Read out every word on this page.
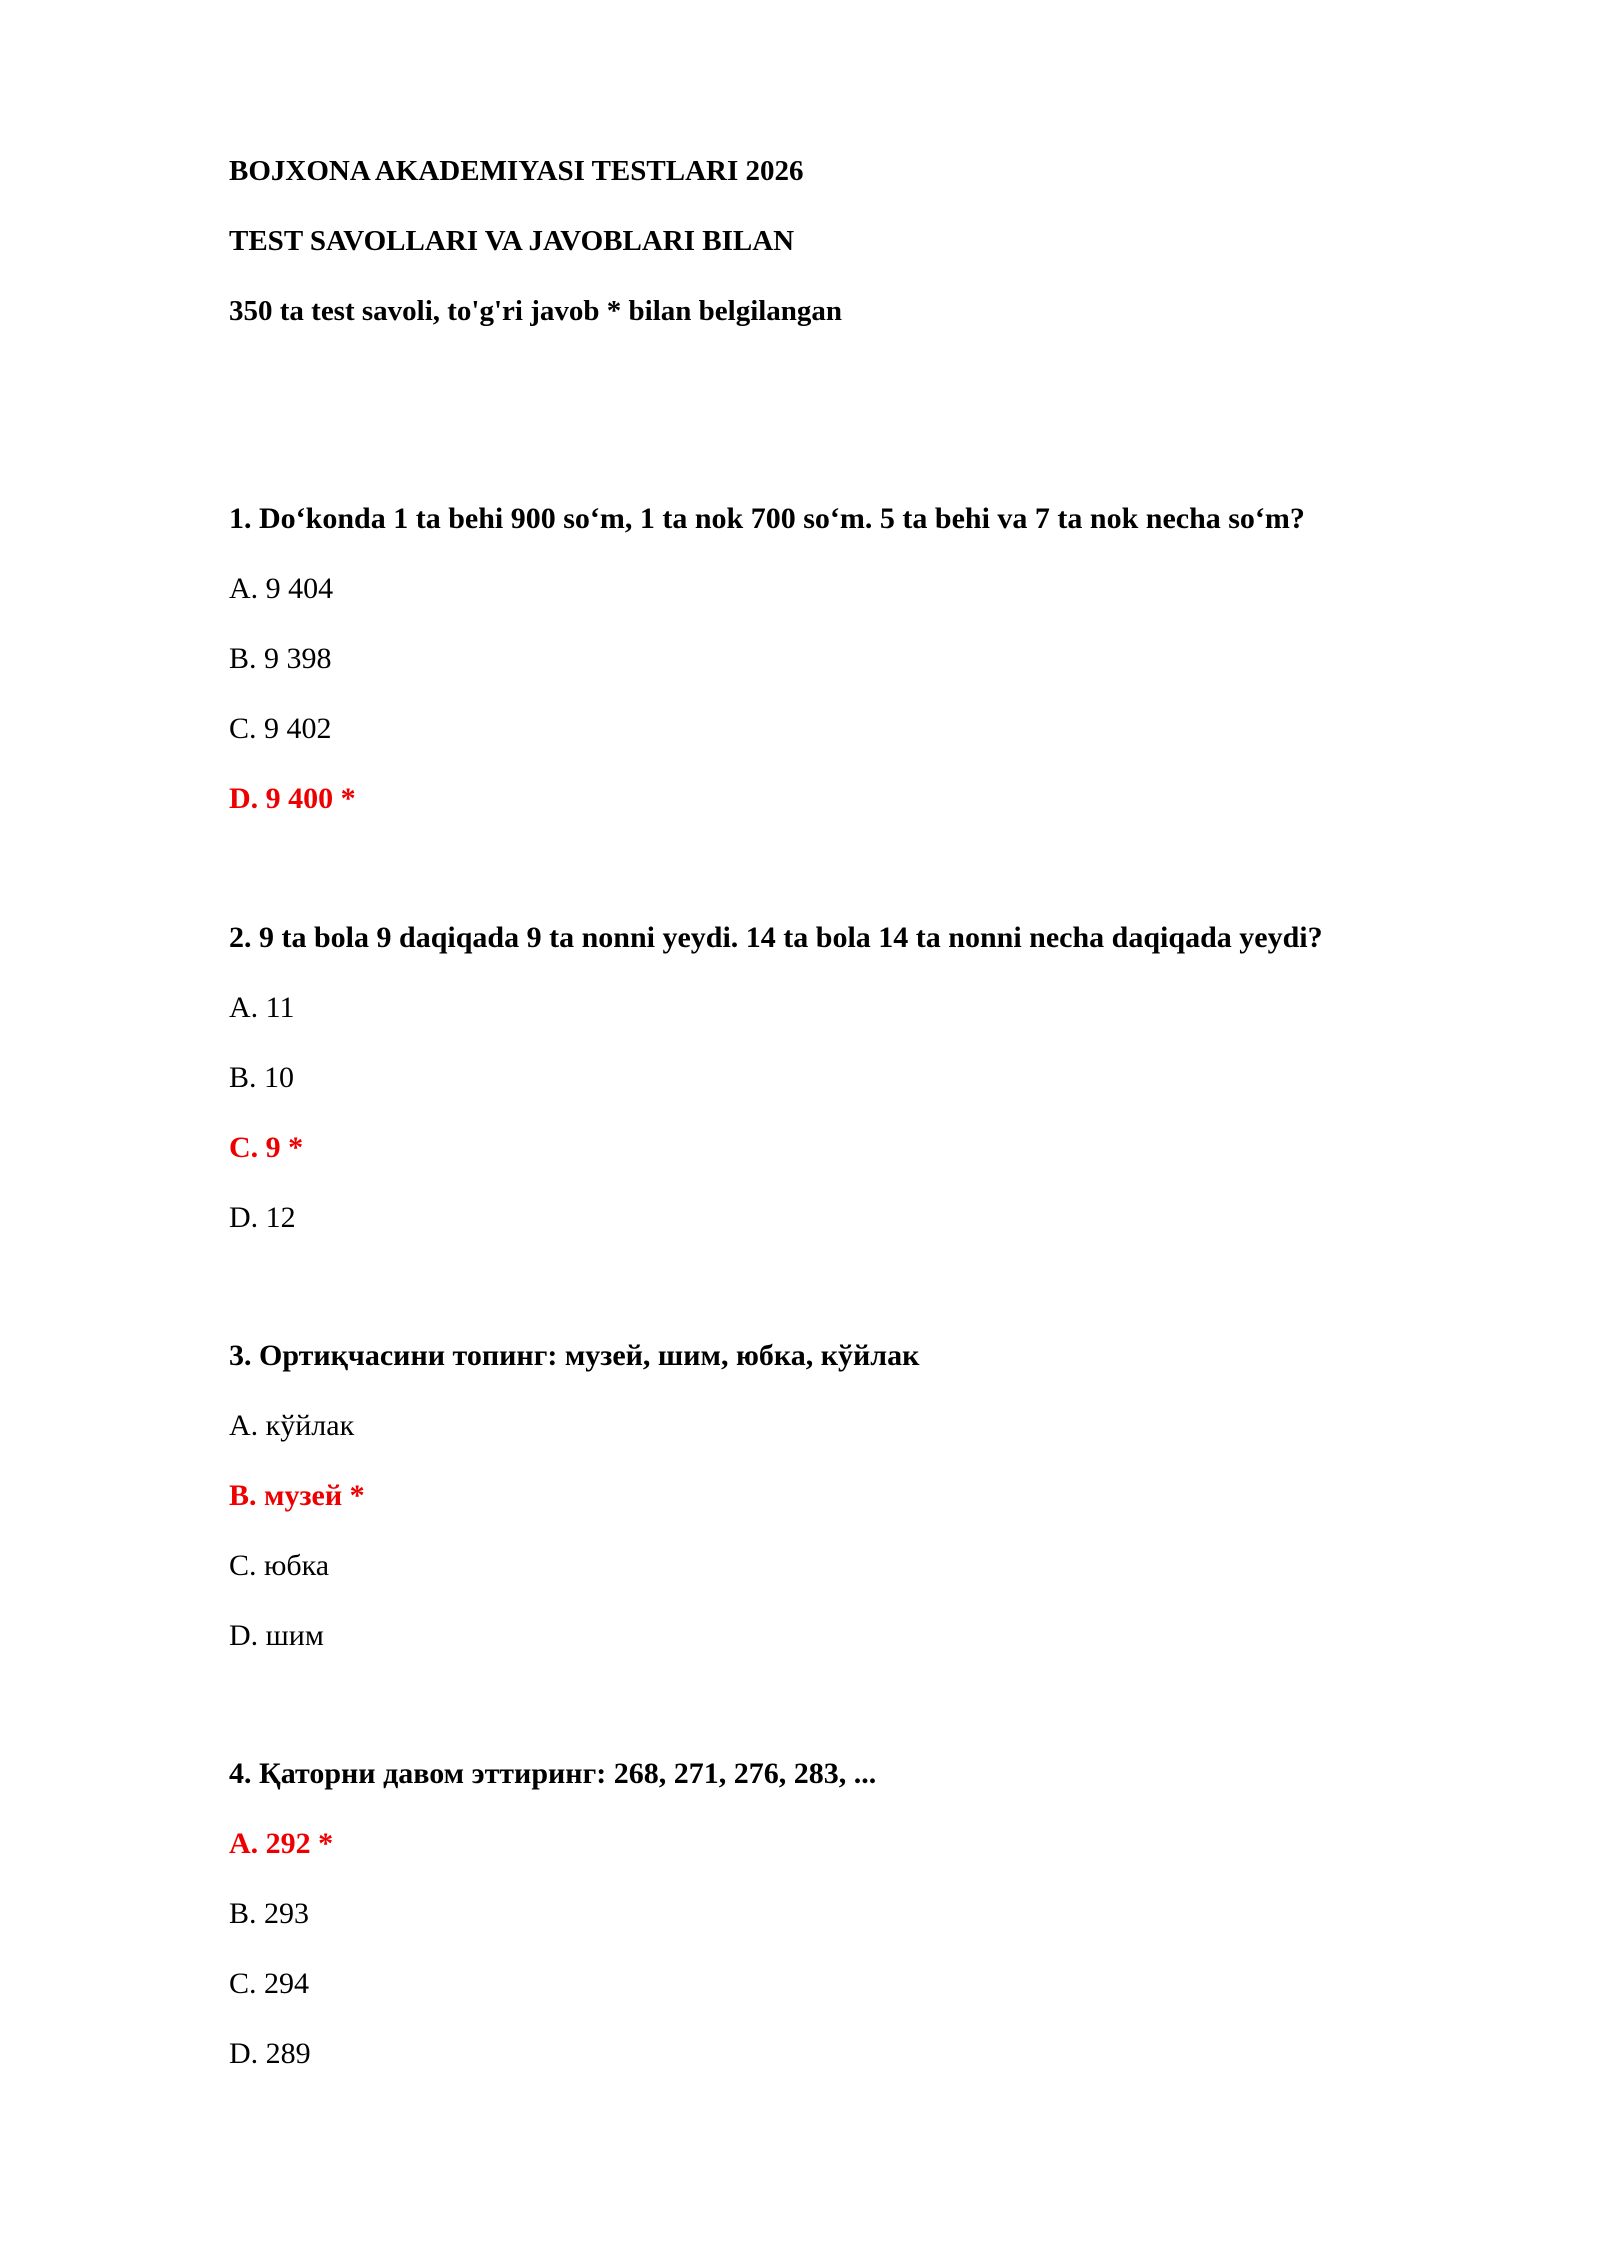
BOJXONA AKADEMIYASI TESTLARI 2026
TEST SAVOLLARI VA JAVOBLARI BILAN
350 ta test savoli, to'g'ri javob * bilan belgilangan
1. Do‘konda 1 ta behi 900 so‘m, 1 ta nok 700 so‘m. 5 ta behi va 7 ta nok necha so‘m?
A. 9 404
B. 9 398
C. 9 402
D. 9 400 *
2. 9 ta bola 9 daqiqada 9 ta nonni yeydi. 14 ta bola 14 ta nonni necha daqiqada yeydi?
A. 11
B. 10
C. 9 *
D. 12
3. Ортиқчасини топинг: музей, шим, юбка, кўйлак
A. кўйлак
B. музей *
C. юбка
D. шим
4. Қаторни давом эттиринг: 268, 271, 276, 283, ...
A. 292 *
B. 293
C. 294
D. 289
